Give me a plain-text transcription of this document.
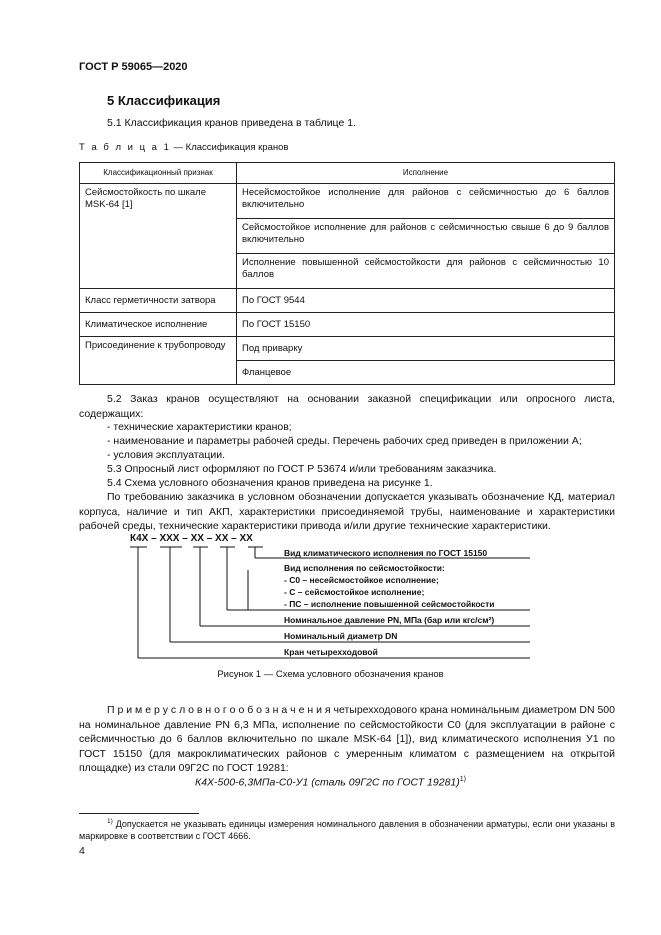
ГОСТ Р 59065—2020
5 Классификация
5.1 Классификация кранов приведена в таблице 1.
Т а б л и ц а 1 — Классификация кранов
Классификационный признак	Исполнение
Сейсмостойкость по шкале MSK-64 [1]	Несейсмостойкое исполнение для районов с сейсмичностью до 6 баллов включительно
	Сейсмостойкое исполнение для районов с сейсмичностью свыше 6 до 9 баллов включительно
	Исполнение повышенной сейсмостойкости для районов с сейсмичностью 10 баллов
Класс герметичности затвора	По ГОСТ 9544
Климатическое исполнение	По ГОСТ 15150
Присоединение к трубопроводу	Под приварку
	Фланцевое
5.2 Заказ кранов осуществляют на основании заказной спецификации или опросного листа, содержащих:
- технические характеристики кранов;
- наименование и параметры рабочей среды. Перечень рабочих сред приведен в приложении А;
- условия эксплуатации.
5.3 Опросный лист оформляют по ГОСТ Р 53674 и/или требованиям заказчика.
5.4 Схема условного обозначения кранов приведена на рисунке 1.
По требованию заказчика в условном обозначении допускается указывать обозначение КД, материал корпуса, наличие и тип АКП, характеристики присоединяемой трубы, наименование и характеристики рабочей среды, технические характеристики привода и/или другие технические характеристики.
К4Х – ХХХ – ХХ – ХХ – ХХ
Вид климатического исполнения по ГОСТ 15150
Вид исполнения по сейсмостойкости:
- С0 – несейсмостойкое исполнение;
- С – сейсмостойкое исполнение;
- ПС – исполнение повышенной сейсмостойкости
Номинальное давление PN, МПа (бар или кгс/см²)
Номинальный диаметр DN
Кран четырехходовой
Рисунок 1 — Схема условного обозначения кранов
П р и м е р у с л о в н о г о о б о з н а ч е н и я четырехходового крана номинальным диаметром DN 500 на номинальное давление PN 6,3 МПа, исполнение по сейсмостойкости С0 (для эксплуатации в районе с сейсмичностью до 6 баллов включительно по шкале MSK-64 [1]), вид климатического исполнения У1 по ГОСТ 15150 (для макроклиматических районов с умеренным климатом с размещением на открытой площадке) из стали 09Г2С по ГОСТ 19281:
К4Х-500-6,3МПа-С0-У1 (сталь 09Г2С по ГОСТ 19281)$^{1)}$
$^{1)}$ Допускается не указывать единицы измерения номинального давления в обозначении арматуры, если они указаны в маркировке в соответствии с ГОСТ 4666.
4
